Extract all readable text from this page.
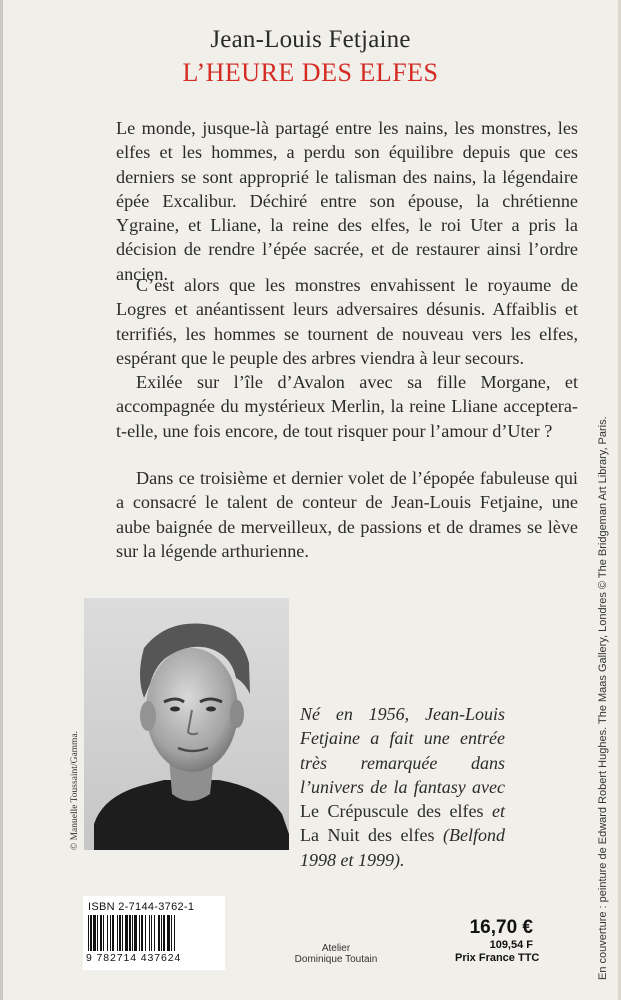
Jean-Louis Fetjaine
L’HEURE DES ELFES

Le monde, jusque-là partagé entre les nains, les monstres, les elfes et les hommes, a perdu son équilibre depuis que ces derniers se sont approprié le talisman des nains, la légendaire épée Excalibur. Déchiré entre son épouse, la chrétienne Ygraine, et Lliane, la reine des elfes, le roi Uter a pris la décision de rendre l’épée sacrée, et de restaurer ainsi l’ordre ancien.

C’est alors que les monstres envahissent le royaume de Logres et anéantissent leurs adversaires désunis. Affaiblis et terrifiés, les hommes se tournent de nouveau vers les elfes, espérant que le peuple des arbres viendra à leur secours.

Exilée sur l’île d’Avalon avec sa fille Morgane, et accompagnée du mystérieux Merlin, la reine Lliane acceptera-t-elle, une fois encore, de tout risquer pour l’amour d’Uter ?

Dans ce troisième et dernier volet de l’épopée fabuleuse qui a consacré le talent de conteur de Jean-Louis Fetjaine, une aube baignée de merveilleux, de passions et de drames se lève sur la légende arthurienne.

© Manuelle Toussaint/Gamma.
Né en 1956, Jean-Louis Fetjaine a fait une entrée très remarquée dans l’univers de la fantasy avec Le Crépuscule des elfes et La Nuit des elfes (Belfond 1998 et 1999).	En couverture : peinture de Edward Robert Hughes. The Maas Gallery, Londres © The Bridgeman Art Library, Paris.
ISBN 2-7144-3762-1
9 782714 437624
Atelier
Dominique Toutain
16,70 €
109,54 F
Prix France TTC
